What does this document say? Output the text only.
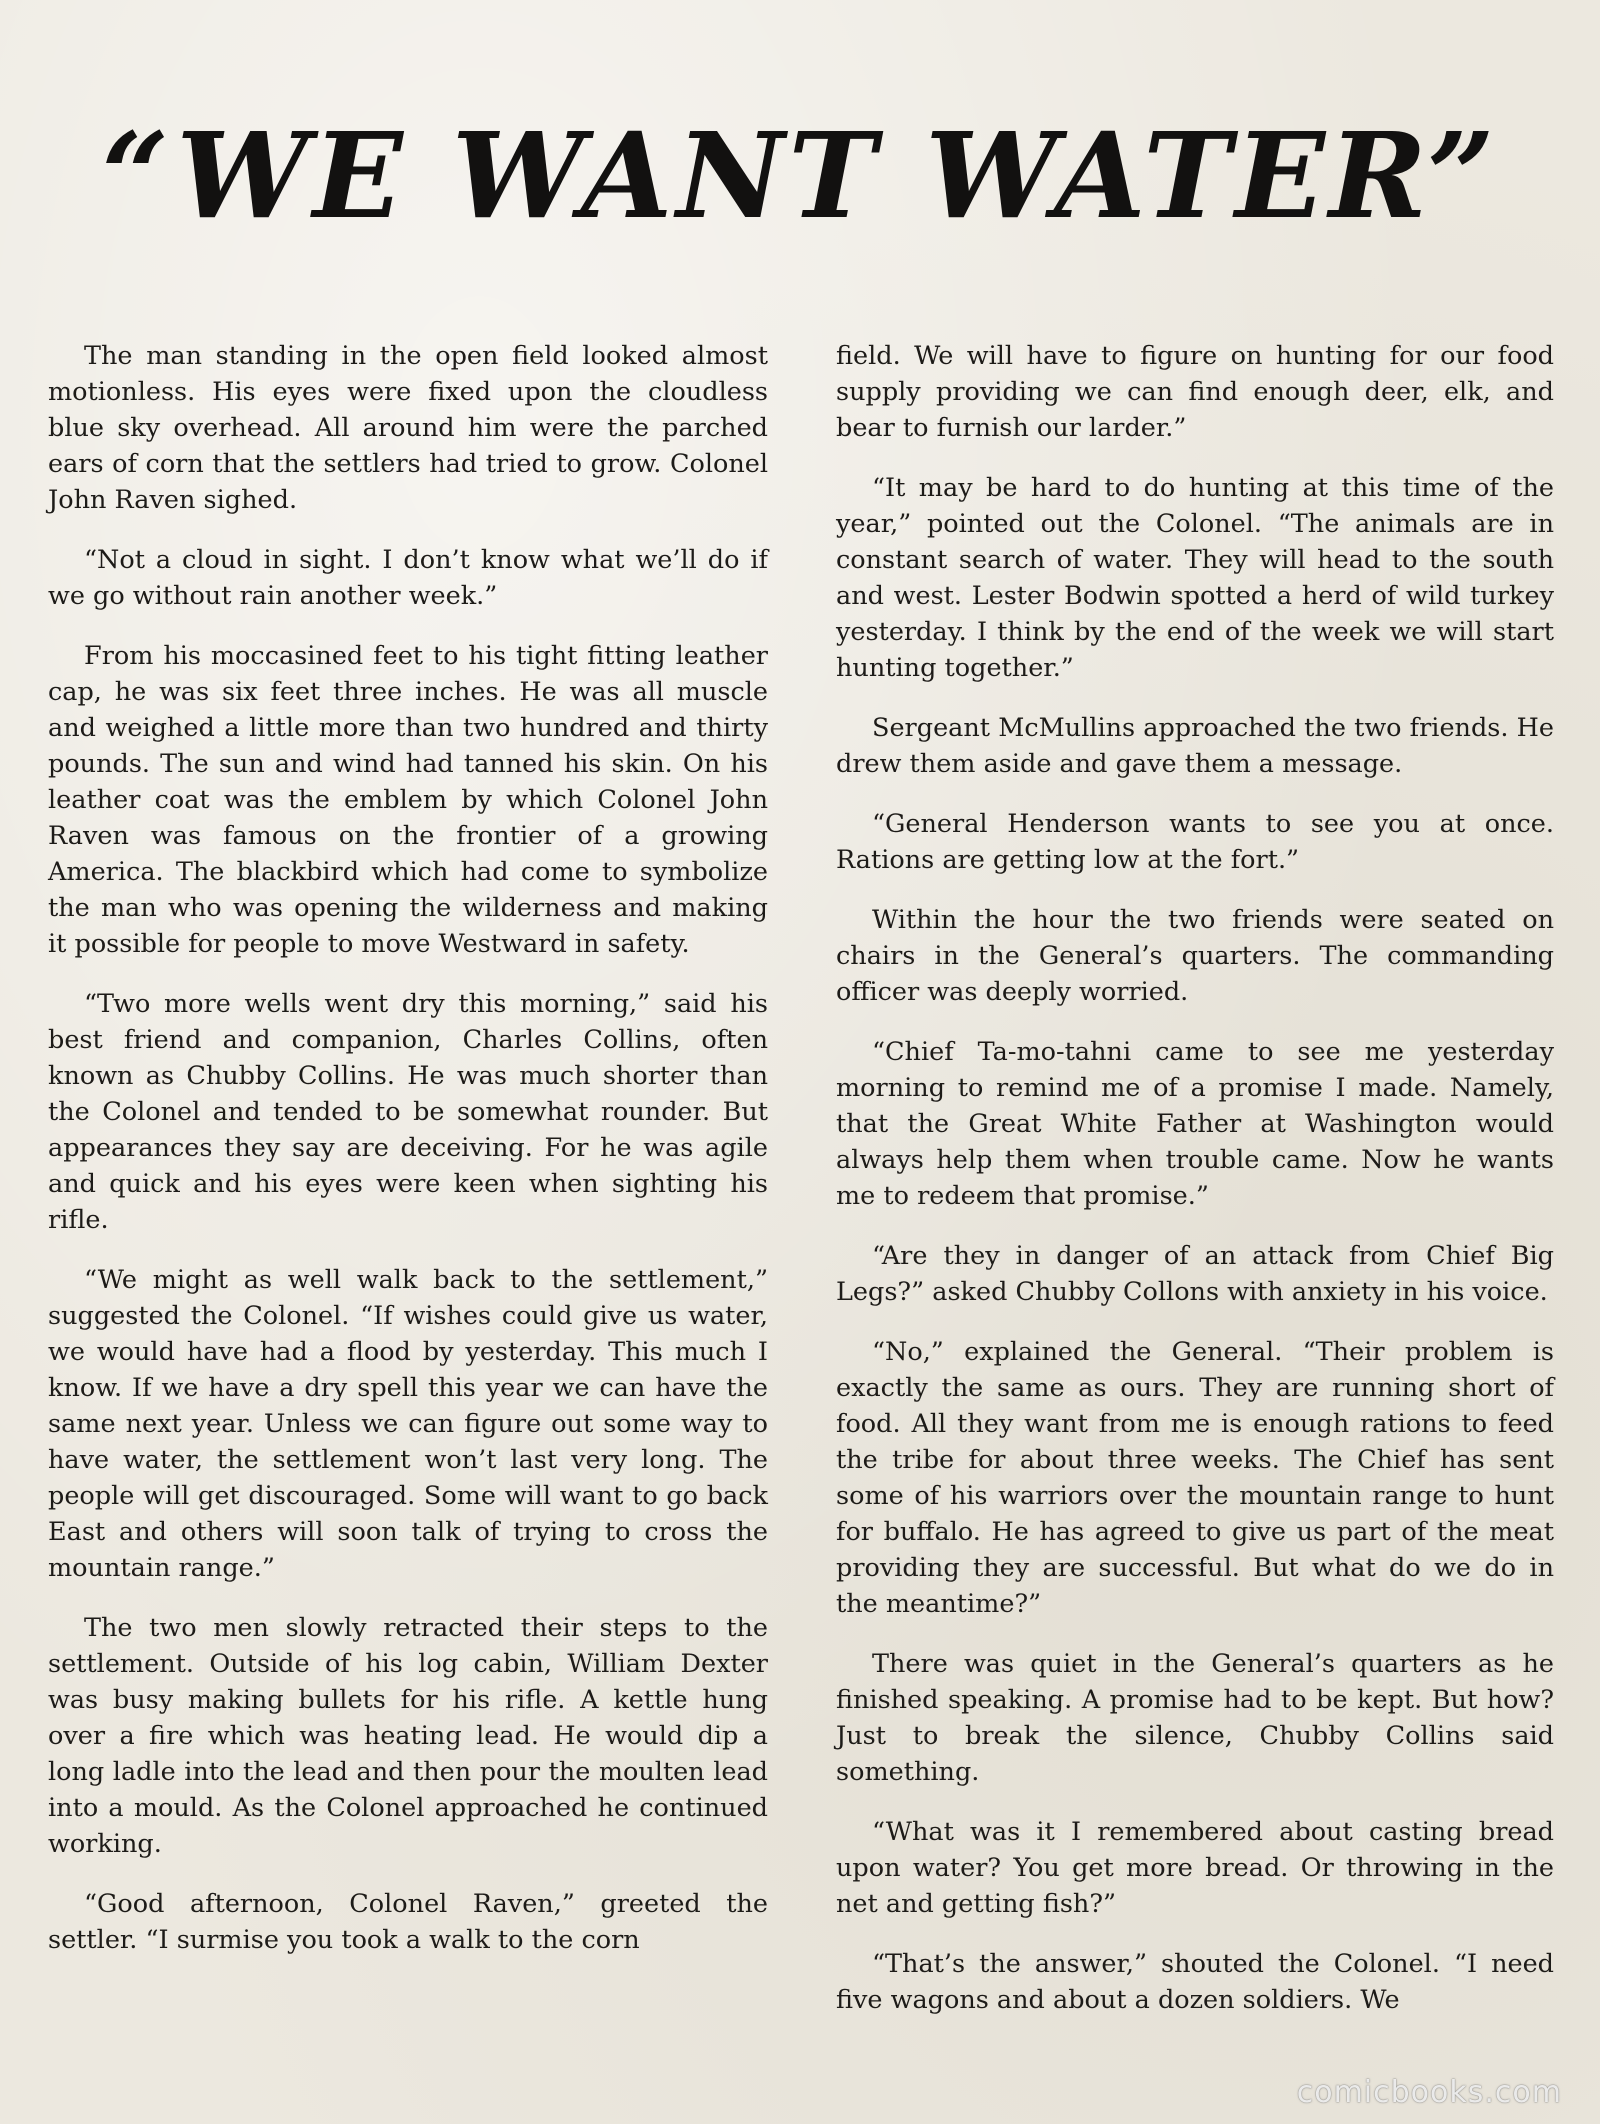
“WE WANT WATER”

The man standing in the open field looked almost motionless. His eyes were fixed upon the cloudless blue sky overhead. All around him were the parched ears of corn that the settlers had tried to grow. Colonel John Raven sighed.

“Not a cloud in sight. I don’t know what we’ll do if we go without rain another week.”

From his moccasined feet to his tight fitting leather cap, he was six feet three inches. He was all muscle and weighed a little more than two hundred and thirty pounds. The sun and wind had tanned his skin. On his leather coat was the emblem by which Colonel John Raven was famous on the frontier of a growing America. The blackbird which had come to symbolize the man who was opening the wilderness and making it possible for people to move Westward in safety.

“Two more wells went dry this morning,” said his best friend and companion, Charles Collins, often known as Chubby Collins. He was much shorter than the Colonel and tended to be somewhat rounder. But appearances they say are deceiving. For he was agile and quick and his eyes were keen when sighting his rifle.

“We might as well walk back to the settlement,” suggested the Colonel. “If wishes could give us water, we would have had a flood by yesterday. This much I know. If we have a dry spell this year we can have the same next year. Unless we can figure out some way to have water, the settlement won’t last very long. The people will get discouraged. Some will want to go back East and others will soon talk of trying to cross the mountain range.”

The two men slowly retracted their steps to the settlement. Outside of his log cabin, William Dexter was busy making bullets for his rifle. A kettle hung over a fire which was heating lead. He would dip a long ladle into the lead and then pour the moulten lead into a mould. As the Colonel approached he continued working.

“Good afternoon, Colonel Raven,” greeted the settler. “I surmise you took a walk to the corn

field. We will have to figure on hunting for our food supply providing we can find enough deer, elk, and bear to furnish our larder.”

“It may be hard to do hunting at this time of the year,” pointed out the Colonel. “The animals are in constant search of water. They will head to the south and west. Lester Bodwin spotted a herd of wild turkey yesterday. I think by the end of the week we will start hunting together.”

Sergeant McMullins approached the two friends. He drew them aside and gave them a message.

“General Henderson wants to see you at once. Rations are getting low at the fort.”

Within the hour the two friends were seated on chairs in the General’s quarters. The commanding officer was deeply worried.

“Chief Ta-mo-tahni came to see me yesterday morning to remind me of a promise I made. Namely, that the Great White Father at Washington would always help them when trouble came. Now he wants me to redeem that promise.”

“Are they in danger of an attack from Chief Big Legs?” asked Chubby Collons with anxiety in his voice.

“No,” explained the General. “Their problem is exactly the same as ours. They are running short of food. All they want from me is enough rations to feed the tribe for about three weeks. The Chief has sent some of his warriors over the mountain range to hunt for buffalo. He has agreed to give us part of the meat providing they are successful. But what do we do in the meantime?”

There was quiet in the General’s quarters as he finished speaking. A promise had to be kept. But how? Just to break the silence, Chubby Collins said something.

“What was it I remembered about casting bread upon water? You get more bread. Or throwing in the net and getting fish?”

“That’s the answer,” shouted the Colonel. “I need five wagons and about a dozen soldiers. We

comicbooks.com
